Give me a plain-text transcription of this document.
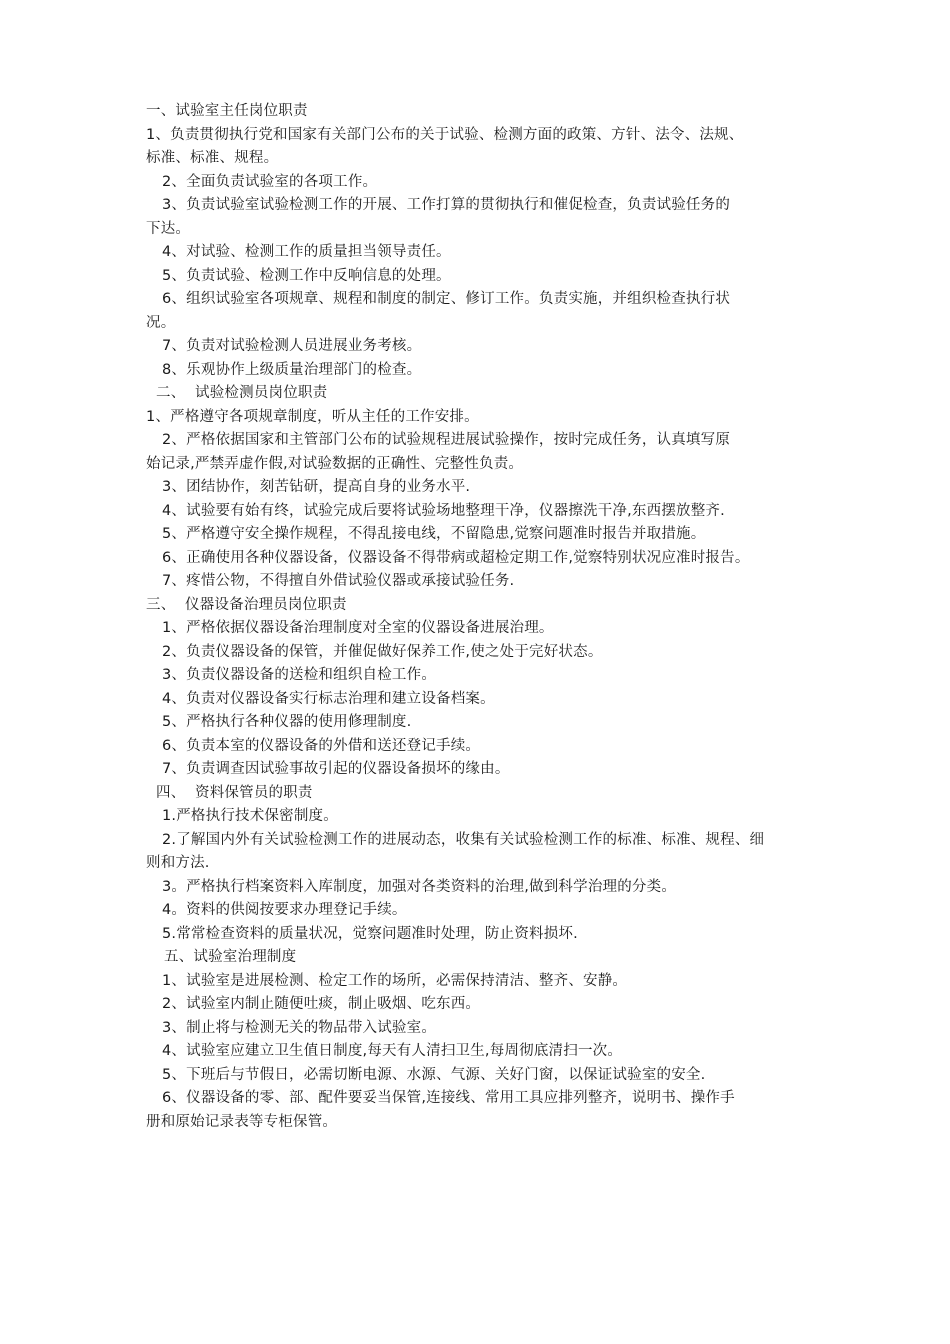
一、试验室主任岗位职责
1、负责贯彻执行党和国家有关部门公布的关于试验、检测方面的政策、方针、法令、法规、
标准、标准、规程。
2、全面负责试验室的各项工作。
3、负责试验室试验检测工作的开展、工作打算的贯彻执行和催促检查，负责试验任务的
下达。
4、对试验、检测工作的质量担当领导责任。
5、负责试验、检测工作中反响信息的处理。
6、组织试验室各项规章、规程和制度的制定、修订工作。负责实施，并组织检查执行状
况。
7、负责对试验检测人员进展业务考核。
8、乐观协作上级质量治理部门的检查。
二、  试验检测员岗位职责
1、严格遵守各项规章制度，听从主任的工作安排。
2、严格依据国家和主管部门公布的试验规程进展试验操作，按时完成任务，认真填写原
始记录,严禁弄虚作假,对试验数据的正确性、完整性负责。
3、团结协作，刻苦钻研，提高自身的业务水平.
4、试验要有始有终，试验完成后要将试验场地整理干净，仪器擦洗干净,东西摆放整齐.
5、严格遵守安全操作规程，不得乱接电线，不留隐患,觉察问题准时报告并取措施。
6、正确使用各种仪器设备，仪器设备不得带病或超检定期工作,觉察特别状况应准时报告。
7、疼惜公物，不得擅自外借试验仪器或承接试验任务.
三、  仪器设备治理员岗位职责
1、严格依据仪器设备治理制度对全室的仪器设备进展治理。
2、负责仪器设备的保管，并催促做好保养工作,使之处于完好状态。
3、负责仪器设备的送检和组织自检工作。
4、负责对仪器设备实行标志治理和建立设备档案。
5、严格执行各种仪器的使用修理制度.
6、负责本室的仪器设备的外借和送还登记手续。
7、负责调查因试验事故引起的仪器设备损坏的缘由。
四、  资料保管员的职责
1.严格执行技术保密制度。
2.了解国内外有关试验检测工作的进展动态，收集有关试验检测工作的标准、标准、规程、细
则和方法.
3。严格执行档案资料入库制度，加强对各类资料的治理,做到科学治理的分类。
4。资料的供阅按要求办理登记手续。
5.常常检查资料的质量状况，觉察问题准时处理，防止资料损坏.
五、试验室治理制度
1、试验室是进展检测、检定工作的场所，必需保持清洁、整齐、安静。
2、试验室内制止随便吐痰，制止吸烟、吃东西。
3、制止将与检测无关的物品带入试验室。
4、试验室应建立卫生值日制度,每天有人清扫卫生,每周彻底清扫一次。
5、下班后与节假日，必需切断电源、水源、气源、关好门窗，以保证试验室的安全.
6、仪器设备的零、部、配件要妥当保管,连接线、常用工具应排列整齐，说明书、操作手
册和原始记录表等专柜保管。
